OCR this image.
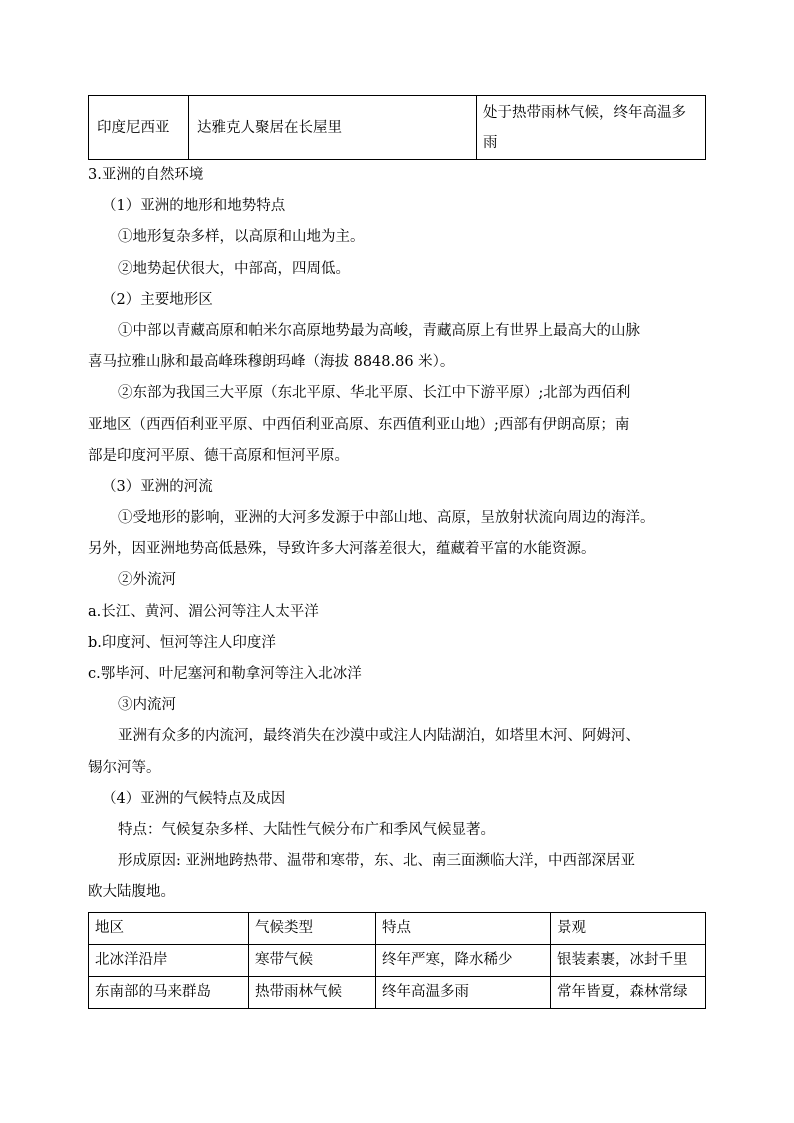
印度尼西亚	达雅克人聚居在长屋里	处于热带雨林气候，终年高温多雨
3.亚洲的自然环境
（1）亚洲的地形和地势特点
①地形复杂多样，以高原和山地为主。
②地势起伏很大，中部高，四周低。
（2）主要地形区
①中部以青藏高原和帕米尔高原地势最为高峻，青藏高原上有世界上最高大的山脉
喜马拉雅山脉和最高峰珠穆朗玛峰（海拔 8848.86 米）。
②东部为我国三大平原（东北平原、华北平原、长江中下游平原）;北部为西佰利
亚地区（西西佰利亚平原、中西佰利亚高原、东西值利亚山地）;西部有伊朗高原；南
部是印度河平原、德干高原和恒河平原。
（3）亚洲的河流
①受地形的影响，亚洲的大河多发源于中部山地、高原，呈放射状流向周边的海洋。
另外，因亚洲地势高低悬殊，导致许多大河落差很大，蕴藏着平富的水能资源。
②外流河
a.长江、黄河、湄公河等注人太平洋
b.印度河、恒河等注人印度洋
c.鄂毕河、叶尼塞河和勒拿河等注入北冰洋
③内流河
亚洲有众多的内流河，最终消失在沙漠中或注人内陆湖泊，如塔里木河、阿姆河、
锡尔河等。
（4）亚洲的气候特点及成因
特点：气候复杂多样、大陆性气候分布广和季风气候显著。
形成原因: 亚洲地跨热带、温带和寒带，东、北、南三面濒临大洋，中西部深居亚
欧大陆腹地。
地区	气候类型	特点	景观
北冰洋沿岸	寒带气候	终年严寒，降水稀少	银装素裹，冰封千里
东南部的马来群岛	热带雨林气候	终年高温多雨	常年皆夏，森林常绿
